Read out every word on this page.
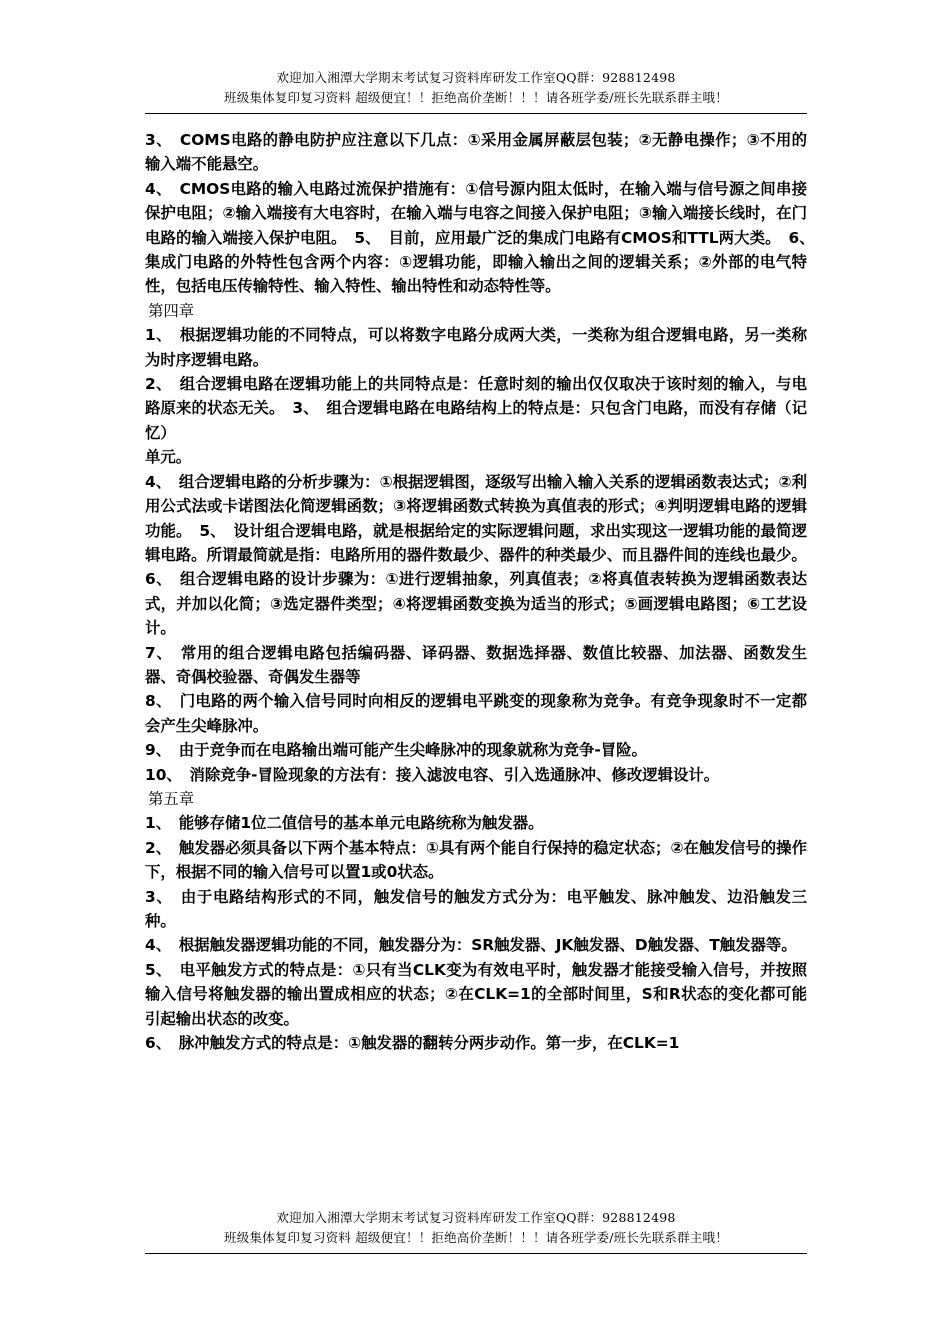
欢迎加入湘潭大学期末考试复习资料库研发工作室QQ群：928812498
班级集体复印复习资料 超级便宜！！拒绝高价垄断！！！请各班学委/班长先联系群主哦！

3、　COMS电路的静电防护应注意以下几点：①采用金属屏蔽层包装；②无静电操作；③不用的输入端不能悬空。

4、　CMOS电路的输入电路过流保护措施有：①信号源内阻太低时，在输入端与信号源之间串接保护电阻；②输入端接有大电容时，在输入端与电容之间接入保护电阻；③输入端接长线时，在门电路的输入端接入保护电阻。　5、　目前，应用最广泛的集成门电路有CMOS和TTL两大类。　6、　集成门电路的外特性包含两个内容：①逻辑功能，即输入输出之间的逻辑关系；②外部的电气特性，包括电压传输特性、输入特性、输出特性和动态特性等。

第四章

1、　根据逻辑功能的不同特点，可以将数字电路分成两大类，一类称为组合逻辑电路，另一类称为时序逻辑电路。

2、　组合逻辑电路在逻辑功能上的共同特点是：任意时刻的输出仅仅取决于该时刻的输入，与电路原来的状态无关。　3、　组合逻辑电路在电路结构上的特点是：只包含门电路，而没有存储（记忆）

单元。

4、　组合逻辑电路的分析步骤为：①根据逻辑图，逐级写出输入输入关系的逻辑函数表达式；②利用公式法或卡诺图法化简逻辑函数；③将逻辑函数式转换为真值表的形式；④判明逻辑电路的逻辑功能。　5、　设计组合逻辑电路，就是根据给定的实际逻辑问题，求出实现这一逻辑功能的最简逻辑电路。所谓最简就是指：电路所用的器件数最少、器件的种类最少、而且器件间的连线也最少。

6、　组合逻辑电路的设计步骤为：①进行逻辑抽象，列真值表；②将真值表转换为逻辑函数表达式，并加以化简；③选定器件类型；④将逻辑函数变换为适当的形式；⑤画逻辑电路图；⑥工艺设计。

7、　常用的组合逻辑电路包括编码器、译码器、数据选择器、数值比较器、加法器、函数发生器、奇偶校验器、奇偶发生器等

8、　门电路的两个输入信号同时向相反的逻辑电平跳变的现象称为竞争。有竞争现象时不一定都会产生尖峰脉冲。

9、　由于竞争而在电路输出端可能产生尖峰脉冲的现象就称为竞争-冒险。

10、　消除竞争-冒险现象的方法有：接入滤波电容、引入选通脉冲、修改逻辑设计。

第五章

1、　能够存储1位二值信号的基本单元电路统称为触发器。

2、　触发器必须具备以下两个基本特点：①具有两个能自行保持的稳定状态；②在触发信号的操作下，根据不同的输入信号可以置1或0状态。

3、　由于电路结构形式的不同，触发信号的触发方式分为：电平触发、脉冲触发、边沿触发三种。

4、　根据触发器逻辑功能的不同，触发器分为：SR触发器、JK触发器、D触发器、T触发器等。

5、　电平触发方式的特点是：①只有当CLK变为有效电平时，触发器才能接受输入信号，并按照输入信号将触发器的输出置成相应的状态；②在CLK=1的全部时间里，S和R状态的变化都可能引起输出状态的改变。

6、　脉冲触发方式的特点是：①触发器的翻转分两步动作。第一步，在CLK=1

欢迎加入湘潭大学期末考试复习资料库研发工作室QQ群：928812498
班级集体复印复习资料 超级便宜！！拒绝高价垄断！！！请各班学委/班长先联系群主哦！
